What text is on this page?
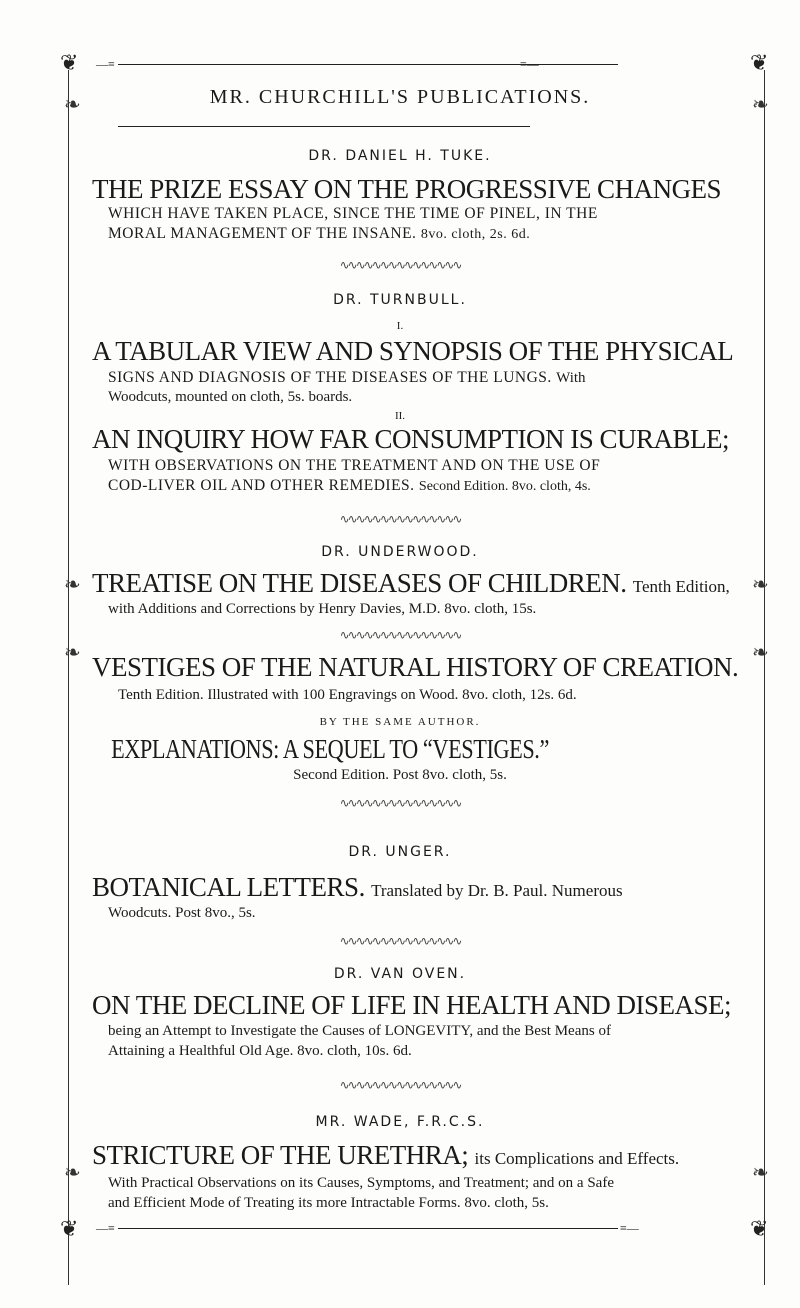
❦	❦
—≡	≡—
MR. CHURCHILL'S PUBLICATIONS.
❧	❧
❧	❧
❧	❧
❧	❧
DR. DANIEL H. TUKE.
THE PRIZE ESSAY ON THE PROGRESSIVE CHANGES
WHICH HAVE TAKEN PLACE, SINCE THE TIME OF PINEL, IN THE
MORAL MANAGEMENT OF THE INSANE. 8vo. cloth, 2s. 6d.
∿∿∿∿∿∿∿∿∿∿∿∿∿∿∿
DR. TURNBULL.
I.
A TABULAR VIEW AND SYNOPSIS OF THE PHYSICAL
SIGNS AND DIAGNOSIS OF THE DISEASES OF THE LUNGS. With
Woodcuts, mounted on cloth, 5s. boards.
II.
AN INQUIRY HOW FAR CONSUMPTION IS CURABLE;
WITH OBSERVATIONS ON THE TREATMENT AND ON THE USE OF
COD-LIVER OIL AND OTHER REMEDIES. Second Edition. 8vo. cloth, 4s.
∿∿∿∿∿∿∿∿∿∿∿∿∿∿∿
DR. UNDERWOOD.
TREATISE ON THE DISEASES OF CHILDREN. Tenth Edition,
with Additions and Corrections by Henry Davies, M.D. 8vo. cloth, 15s.
∿∿∿∿∿∿∿∿∿∿∿∿∿∿∿
VESTIGES OF THE NATURAL HISTORY OF CREATION.
Tenth Edition. Illustrated with 100 Engravings on Wood. 8vo. cloth, 12s. 6d.
BY THE SAME AUTHOR.
EXPLANATIONS: A SEQUEL TO “VESTIGES.”
Second Edition. Post 8vo. cloth, 5s.
∿∿∿∿∿∿∿∿∿∿∿∿∿∿∿
DR. UNGER.
BOTANICAL LETTERS. Translated by Dr. B. Paul. Numerous
Woodcuts. Post 8vo., 5s.
∿∿∿∿∿∿∿∿∿∿∿∿∿∿∿
DR. VAN OVEN.
ON THE DECLINE OF LIFE IN HEALTH AND DISEASE;
being an Attempt to Investigate the Causes of LONGEVITY, and the Best Means of
Attaining a Healthful Old Age. 8vo. cloth, 10s. 6d.
∿∿∿∿∿∿∿∿∿∿∿∿∿∿∿
MR. WADE, F.R.C.S.
STRICTURE OF THE URETHRA; its Complications and Effects.
With Practical Observations on its Causes, Symptoms, and Treatment; and on a Safe
and Efficient Mode of Treating its more Intractable Forms. 8vo. cloth, 5s.
❦	❦
—≡	≡—
